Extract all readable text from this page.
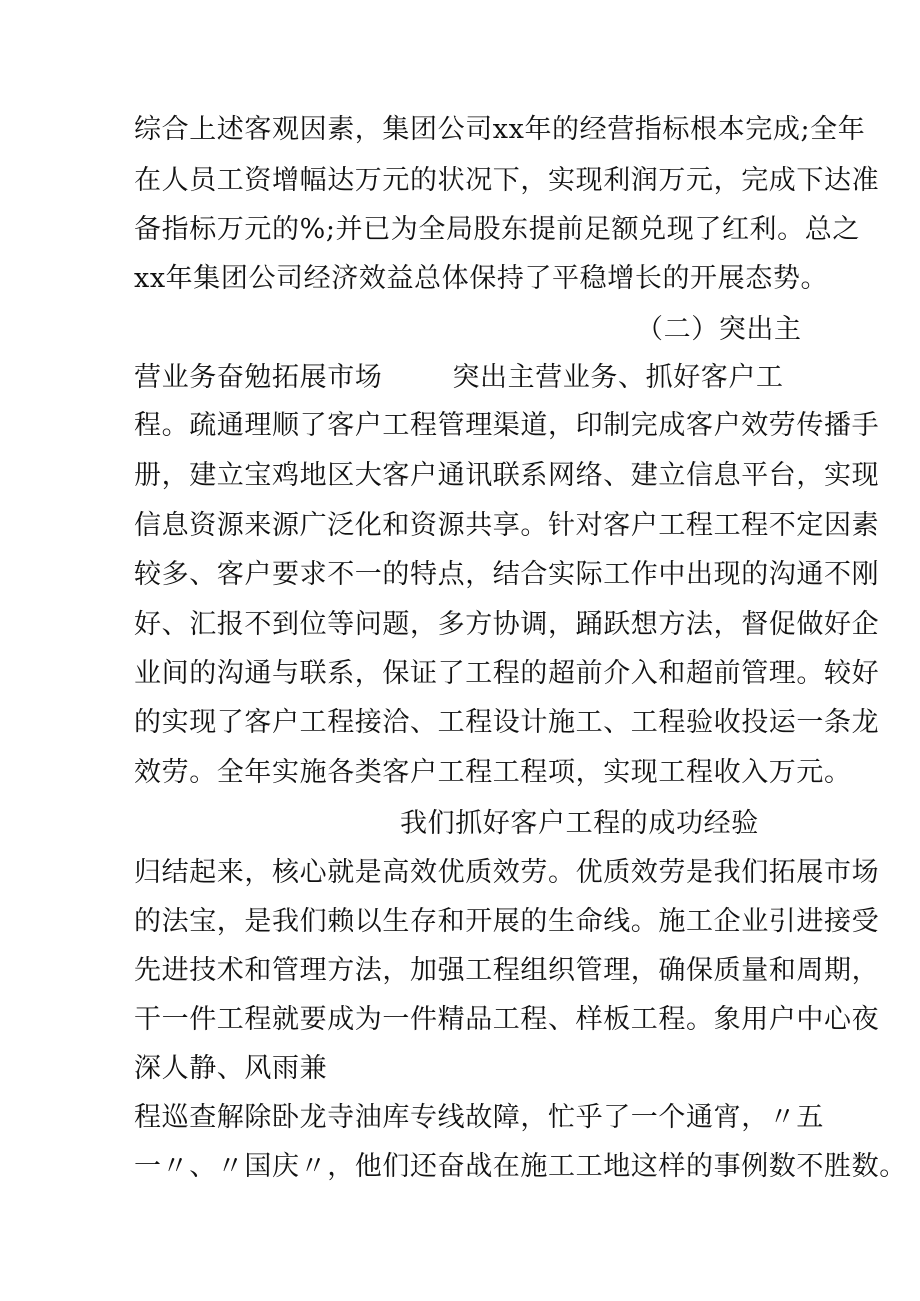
综合上述客观因素，集团公司xx年的经营指标根本完成;全年
在人员工资增幅达万元的状况下，实现利润万元，完成下达准
备指标万元的%;并已为全局股东提前足额兑现了红利。总之
xx年集团公司经济效益总体保持了平稳增长的开展态势。
（二）突出主
营业务奋勉拓展市场	突出主营业务、抓好客户工
程。疏通理顺了客户工程管理渠道，印制完成客户效劳传播手
册，建立宝鸡地区大客户通讯联系网络、建立信息平台，实现
信息资源来源广泛化和资源共享。针对客户工程工程不定因素
较多、客户要求不一的特点，结合实际工作中出现的沟通不刚
好、汇报不到位等问题，多方协调，踊跃想方法，督促做好企
业间的沟通与联系，保证了工程的超前介入和超前管理。较好
的实现了客户工程接洽、工程设计施工、工程验收投运一条龙
效劳。全年实施各类客户工程工程项，实现工程收入万元。
我们抓好客户工程的成功经验
归结起来，核心就是高效优质效劳。优质效劳是我们拓展市场
的法宝，是我们赖以生存和开展的生命线。施工企业引进接受
先进技术和管理方法，加强工程组织管理，确保质量和周期，
干一件工程就要成为一件精品工程、样板工程。象用户中心夜
深人静、风雨兼
程巡查解除卧龙寺油库专线故障，忙乎了一个通宵，〃五
一〃、〃国庆〃，他们还奋战在施工工地这样的事例数不胜数。
